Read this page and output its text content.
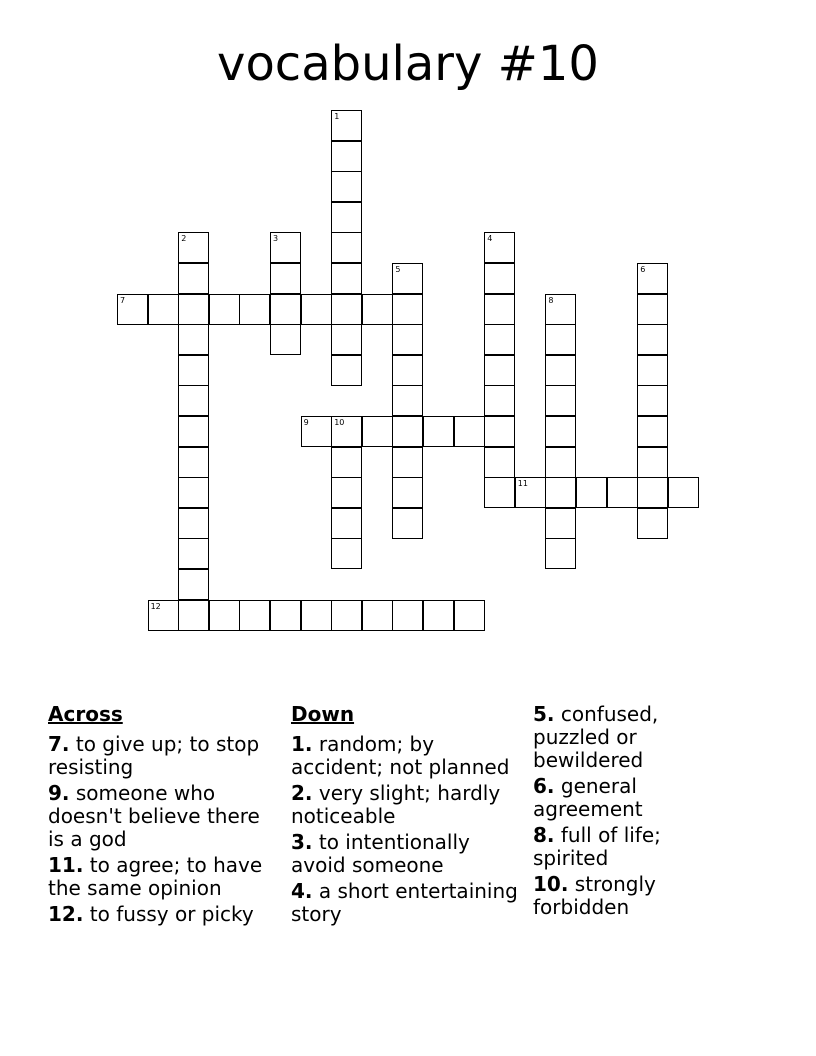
vocabulary #10
1
2	3	4
5	6
7	8
9	10
11
12
Across
7. to give up; to stop resisting
9. someone who doesn't believe there is a god
11. to agree; to have the same opinion
12. to fussy or picky
Down
1. random; by accident; not planned
2. very slight; hardly noticeable
3. to intentionally avoid someone
4. a short entertaining story
5. confused, puzzled or bewildered
6. general agreement
8. full of life; spirited
10. strongly forbidden
